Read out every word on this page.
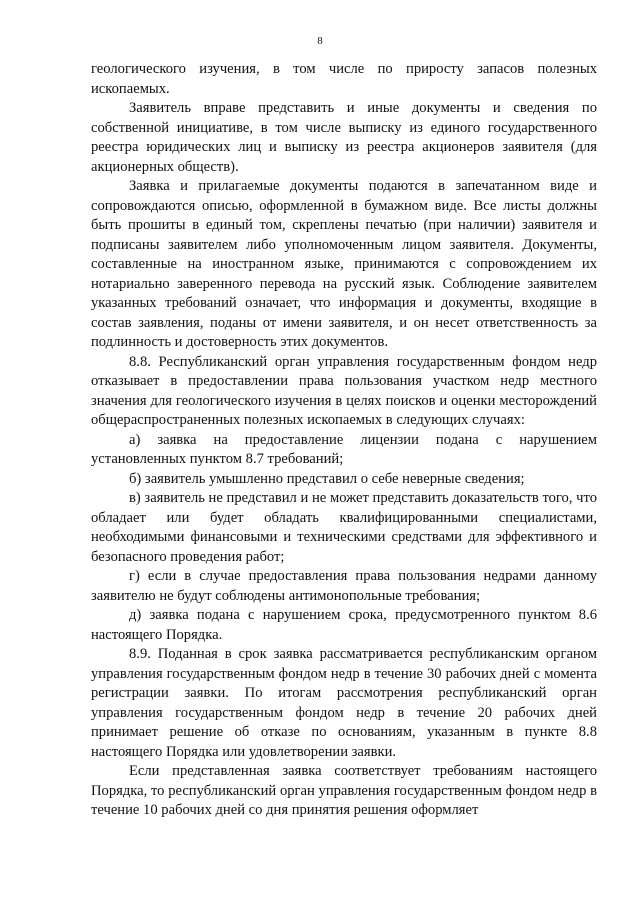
8

геологического изучения, в том числе по приросту запасов полезных ископаемых.

Заявитель вправе представить и иные документы и сведения по собственной инициативе, в том числе выписку из единого государственного реестра юридических лиц и выписку из реестра акционеров заявителя (для акционерных обществ).

Заявка и прилагаемые документы подаются в запечатанном виде и сопровождаются описью, оформленной в бумажном виде. Все листы должны быть прошиты в единый том, скреплены печатью (при наличии) заявителя и подписаны заявителем либо уполномоченным лицом заявителя. Документы, составленные на иностранном языке, принимаются с сопровождением их нотариально заверенного перевода на русский язык. Соблюдение заявителем указанных требований означает, что информация и документы, входящие в состав заявления, поданы от имени заявителя, и он несет ответственность за подлинность и достоверность этих документов.

8.8. Республиканский орган управления государственным фондом недр отказывает в предоставлении права пользования участком недр местного значения для геологического изучения в целях поисков и оценки месторождений общераспространенных полезных ископаемых в следующих случаях:

а) заявка на предоставление лицензии подана с нарушением установленных пунктом 8.7 требований;

б) заявитель умышленно представил о себе неверные сведения;

в) заявитель не представил и не может представить доказательств того, что обладает или будет обладать квалифицированными специалистами, необходимыми финансовыми и техническими средствами для эффективного и безопасного проведения работ;

г) если в случае предоставления права пользования недрами данному заявителю не будут соблюдены антимонопольные требования;

д) заявка подана с нарушением срока, предусмотренного пунктом 8.6 настоящего Порядка.

8.9. Поданная в срок заявка рассматривается республиканским органом управления государственным фондом недр в течение 30 рабочих дней с момента регистрации заявки. По итогам рассмотрения республиканский орган управления государственным фондом недр в течение 20 рабочих дней принимает решение об отказе по основаниям, указанным в пункте 8.8 настоящего Порядка или удовлетворении заявки.

Если представленная заявка соответствует требованиям настоящего Порядка, то республиканский орган управления государственным фондом недр в течение 10 рабочих дней со дня принятия решения оформляет
